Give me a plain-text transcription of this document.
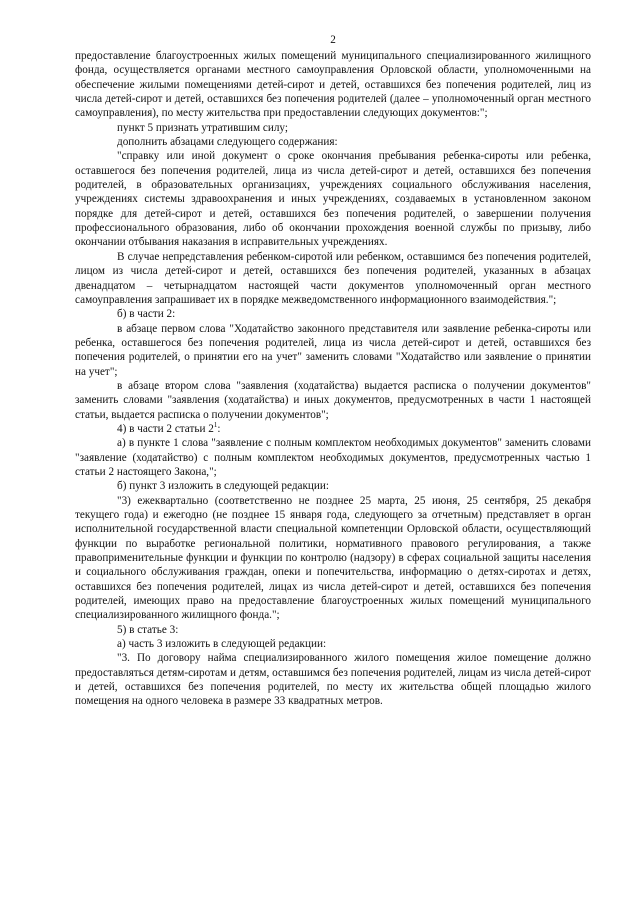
2

предоставление благоустроенных жилых помещений муниципального специализированного жилищного фонда, осуществляется органами местного самоуправления Орловской области, уполномоченными на обеспечение жилыми помещениями детей-сирот и детей, оставшихся без попечения родителей, лиц из числа детей-сирот и детей, оставшихся без попечения родителей (далее – уполномоченный орган местного самоуправления), по месту жительства при предоставлении следующих документов:";

пункт 5 признать утратившим силу;

дополнить абзацами следующего содержания:

"справку или иной документ о сроке окончания пребывания ребенка-сироты или ребенка, оставшегося без попечения родителей, лица из числа детей-сирот и детей, оставшихся без попечения родителей, в образовательных организациях, учреждениях социального обслуживания населения, учреждениях системы здравоохранения и иных учреждениях, создаваемых в установленном законом порядке для детей-сирот и детей, оставшихся без попечения родителей, о завершении получения профессионального образования, либо об окончании прохождения военной службы по призыву, либо окончании отбывания наказания в исправительных учреждениях.

В случае непредставления ребенком-сиротой или ребенком, оставшимся без попечения родителей, лицом из числа детей-сирот и детей, оставшихся без попечения родителей, указанных в абзацах двенадцатом – четырнадцатом настоящей части документов уполномоченный орган местного самоуправления запрашивает их в порядке межведомственного информационного взаимодействия.";

б) в части 2:

в абзаце первом слова "Ходатайство законного представителя или заявление ребенка-сироты или ребенка, оставшегося без попечения родителей, лица из числа детей-сирот и детей, оставшихся без попечения родителей, о принятии его на учет" заменить словами "Ходатайство или заявление о принятии на учет";

в абзаце втором слова "заявления (ходатайства) выдается расписка о получении документов" заменить словами "заявления (ходатайства) и иных документов, предусмотренных в части 1 настоящей статьи, выдается расписка о получении документов";

4) в части 2 статьи $2^1$:

а) в пункте 1 слова "заявление с полным комплектом необходимых документов" заменить словами "заявление (ходатайство) с полным комплектом необходимых документов, предусмотренных частью 1 статьи 2 настоящего Закона,";

б) пункт 3 изложить в следующей редакции:

"3) ежеквартально (соответственно не позднее 25 марта, 25 июня, 25 сентября, 25 декабря текущего года) и ежегодно (не позднее 15 января года, следующего за отчетным) представляет в орган исполнительной государственной власти специальной компетенции Орловской области, осуществляющий функции по выработке региональной политики, нормативного правового регулирования, а также правоприменительные функции и функции по контролю (надзору) в сферах социальной защиты населения и социального обслуживания граждан, опеки и попечительства, информацию о детях-сиротах и детях, оставшихся без попечения родителей, лицах из числа детей-сирот и детей, оставшихся без попечения родителей, имеющих право на предоставление благоустроенных жилых помещений муниципального специализированного жилищного фонда.";

5) в статье 3:

а) часть 3 изложить в следующей редакции:

"3. По договору найма специализированного жилого помещения жилое помещение должно предоставляться детям-сиротам и детям, оставшимся без попечения родителей, лицам из числа детей-сирот и детей, оставшихся без попечения родителей, по месту их жительства общей площадью жилого помещения на одного человека в размере 33 квадратных метров.
